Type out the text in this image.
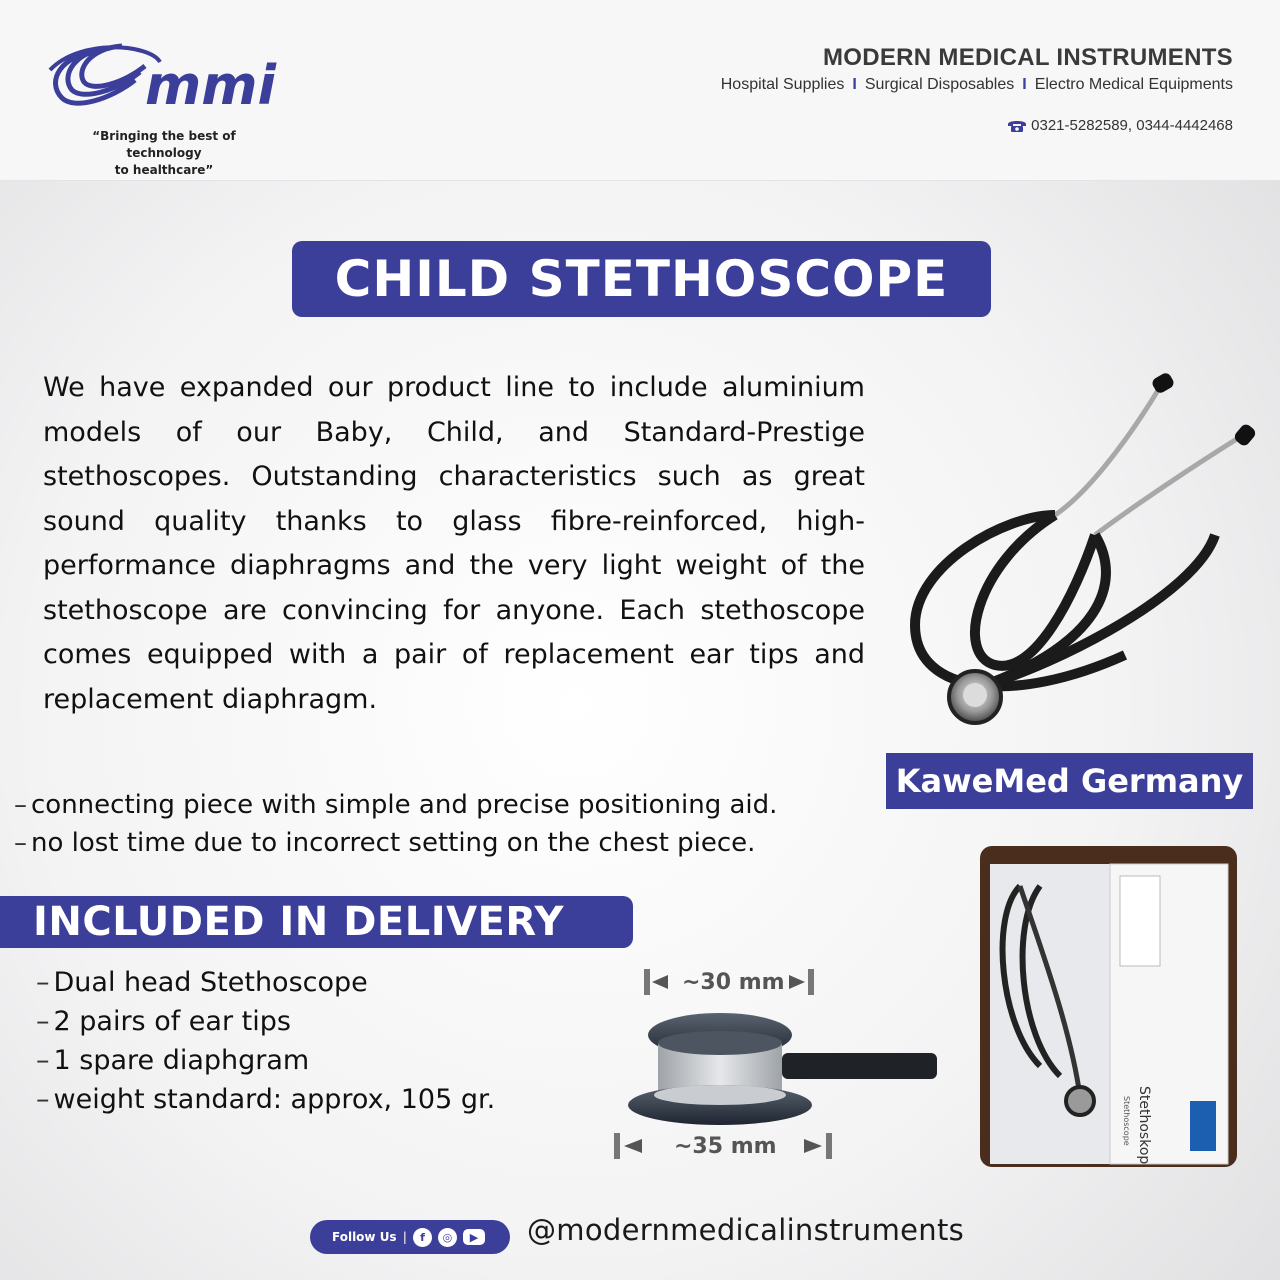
mmi
“Bringing the best of technology
to healthcare”
MODERN MEDICAL INSTRUMENTS
Hospital Supplies I Surgical Disposables I Electro Medical Equipments
0321-5282589, 0344-4442468
CHILD STETHOSCOPE

We have expanded our product line to include aluminium models of our Baby, Child, and Standard-Prestige stethoscopes. Outstanding characteristics such as great sound quality thanks to glass fibre-reinforced, high-performance diaphragms and the very light weight of the stethoscope are convincing for anyone. Each stethoscope comes equipped with a pair of replacement ear tips and replacement diaphragm.

KaweMed Germany
– connecting piece with simple and precise positioning aid.
– no lost time due to incorrect setting on the chest piece.
INCLUDED IN DELIVERY
– Dual head Stethoscope
– 2 pairs of ear tips
– 1 spare diaphgram
– weight standard: approx, 105 gr.
~30 mm
~35 mm	Stethoskop
Stethoscope
Follow Us |	f	◎	▶ @modernmedicalinstruments
